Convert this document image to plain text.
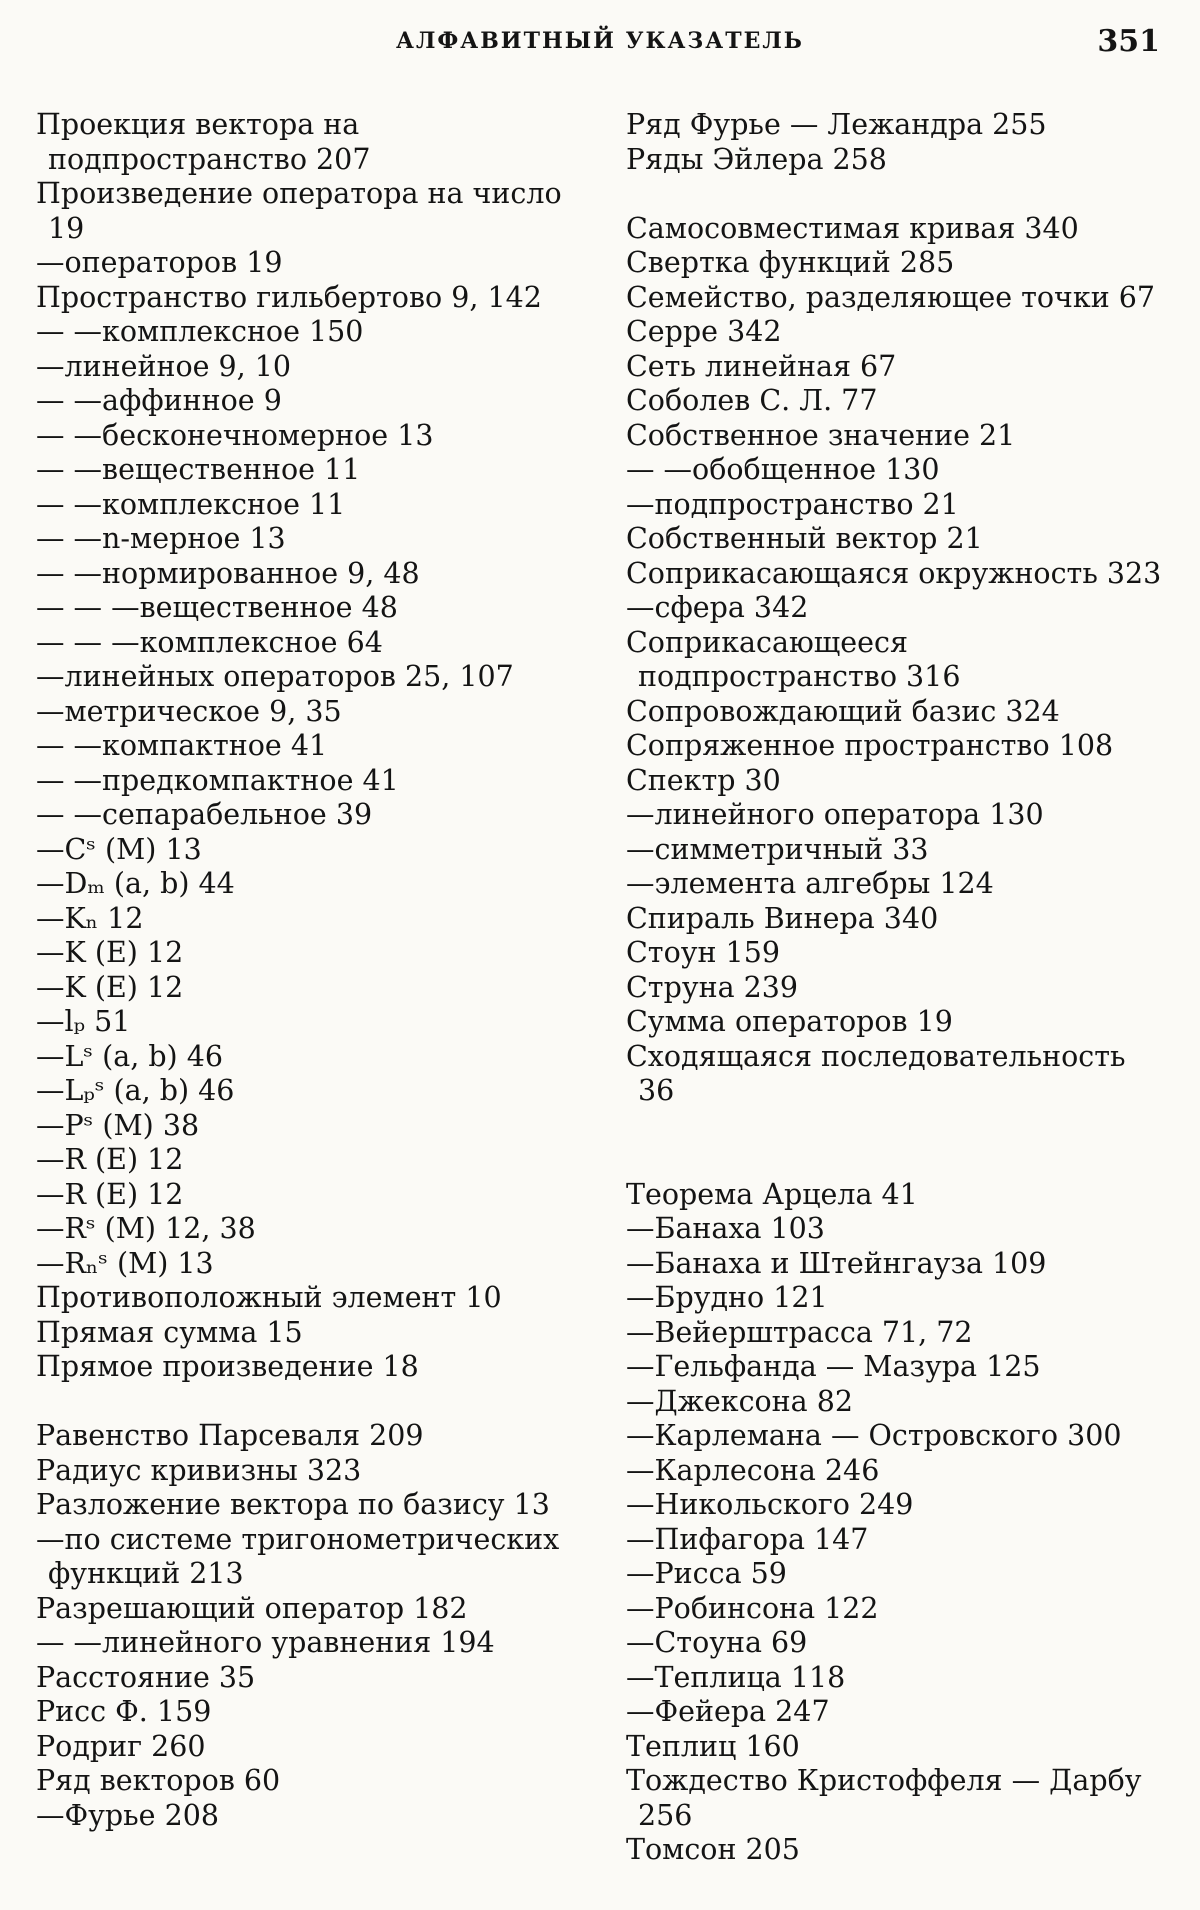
АЛФАВИТНЫЙ УКАЗАТЕЛЬ	351
Проекция вектора на подпространство 207
Произведение оператора на число 19
—операторов 19
Пространство гильбертово 9, 142
— —комплексное 150
—линейное 9, 10
— —аффинное 9
— —бесконечномерное 13
— —вещественное 11
— —комплексное 11
— —n-мерное 13
— —нормированное 9, 48
— — —вещественное 48
— — —комплексное 64
—линейных операторов 25, 107
—метрическое 9, 35
— —компактное 41
— —предкомпактное 41
— —сепарабельное 39
—Cˢ (M) 13
—Dₘ (a, b) 44
—Kₙ 12
—K (E) 12
—K (E) 12
—lₚ 51
—Lˢ (a, b) 46
—Lₚˢ (a, b) 46
—Pˢ (M) 38
—R (E) 12
—R (E) 12
—Rˢ (M) 12, 38
—Rₙˢ (M) 13
Противоположный элемент 10
Прямая сумма 15
Прямое произведение 18
Равенство Парсеваля 209
Радиус кривизны 323
Разложение вектора по базису 13
—по системе тригонометрических функций 213
Разрешающий оператор 182
— —линейного уравнения 194
Расстояние 35
Рисс Ф. 159
Родриг 260
Ряд векторов 60
—Фурье 208
Ряд Фурье — Лежандра 255
Ряды Эйлера 258
Самосовместимая кривая 340
Свертка функций 285
Семейство, разделяющее точки 67
Серре 342
Сеть линейная 67
Соболев С. Л. 77
Собственное значение 21
— —обобщенное 130
—подпространство 21
Собственный вектор 21
Соприкасающаяся окружность 323
—сфера 342
Соприкасающееся подпространство 316
Сопровождающий базис 324
Сопряженное пространство 108
Спектр 30
—линейного оператора 130
—симметричный 33
—элемента алгебры 124
Спираль Винера 340
Стоун 159
Струна 239
Сумма операторов 19
Сходящаяся последовательность 36
Теорема Арцела 41
—Банаха 103
—Банаха и Штейнгауза 109
—Брудно 121
—Вейерштрасса 71, 72
—Гельфанда — Мазура 125
—Джексона 82
—Карлемана — Островского 300
—Карлесона 246
—Никольского 249
—Пифагора 147
—Рисса 59
—Робинсона 122
—Стоуна 69
—Теплица 118
—Фейера 247
Теплиц 160
Тождество Кристоффеля — Дарбу 256
Томсон 205
